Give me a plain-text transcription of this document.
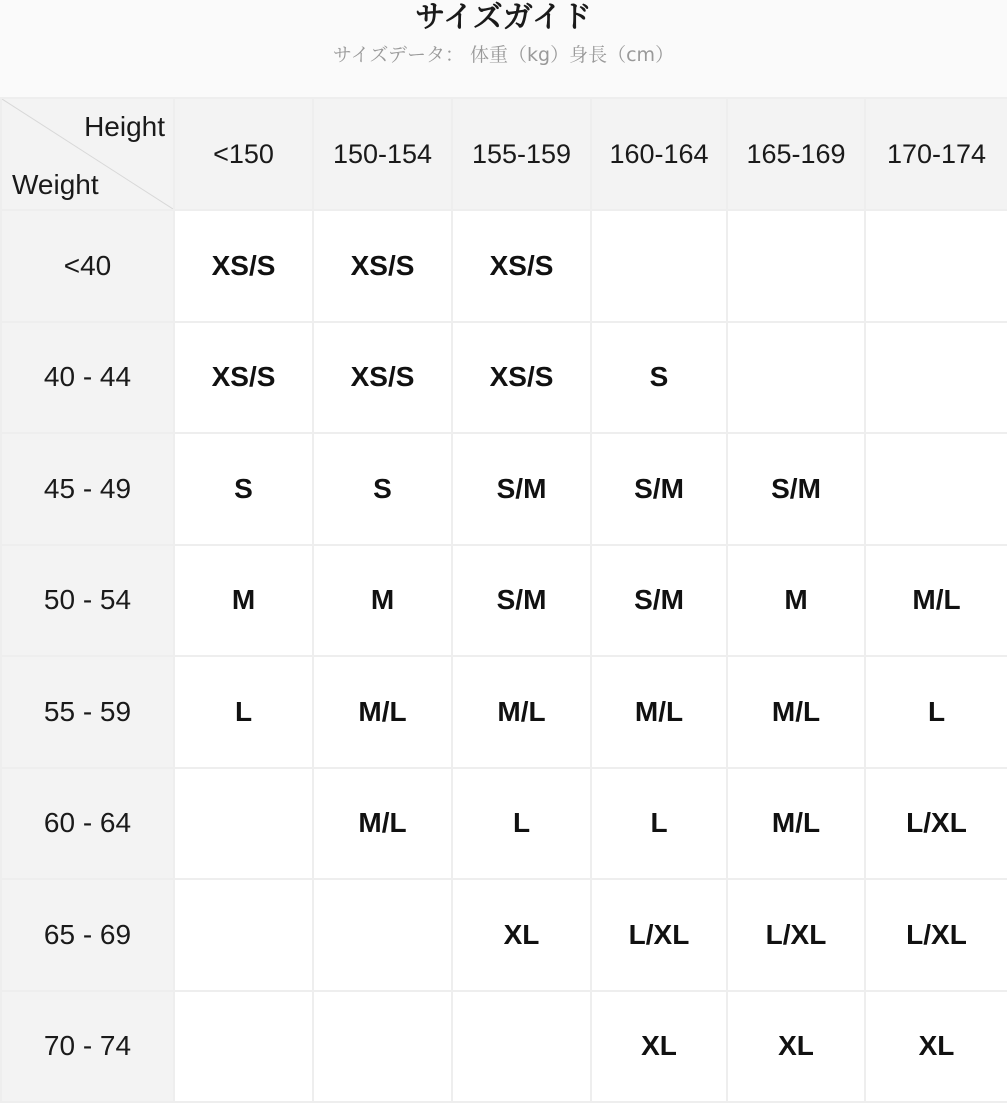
サイズガイド
サイズデータ： 体重（kg）身長（cm）
Height
Weight	<150	150-154	155-159	160-164	165-169	170-174
<40	XS/S	XS/S	XS/S			
40 - 44	XS/S	XS/S	XS/S	S		
45 - 49	S	S	S/M	S/M	S/M	
50 - 54	M	M	S/M	S/M	M	M/L
55 - 59	L	M/L	M/L	M/L	M/L	L
60 - 64		M/L	L	L	M/L	L/XL
65 - 69			XL	L/XL	L/XL	L/XL
70 - 74				XL	XL	XL
